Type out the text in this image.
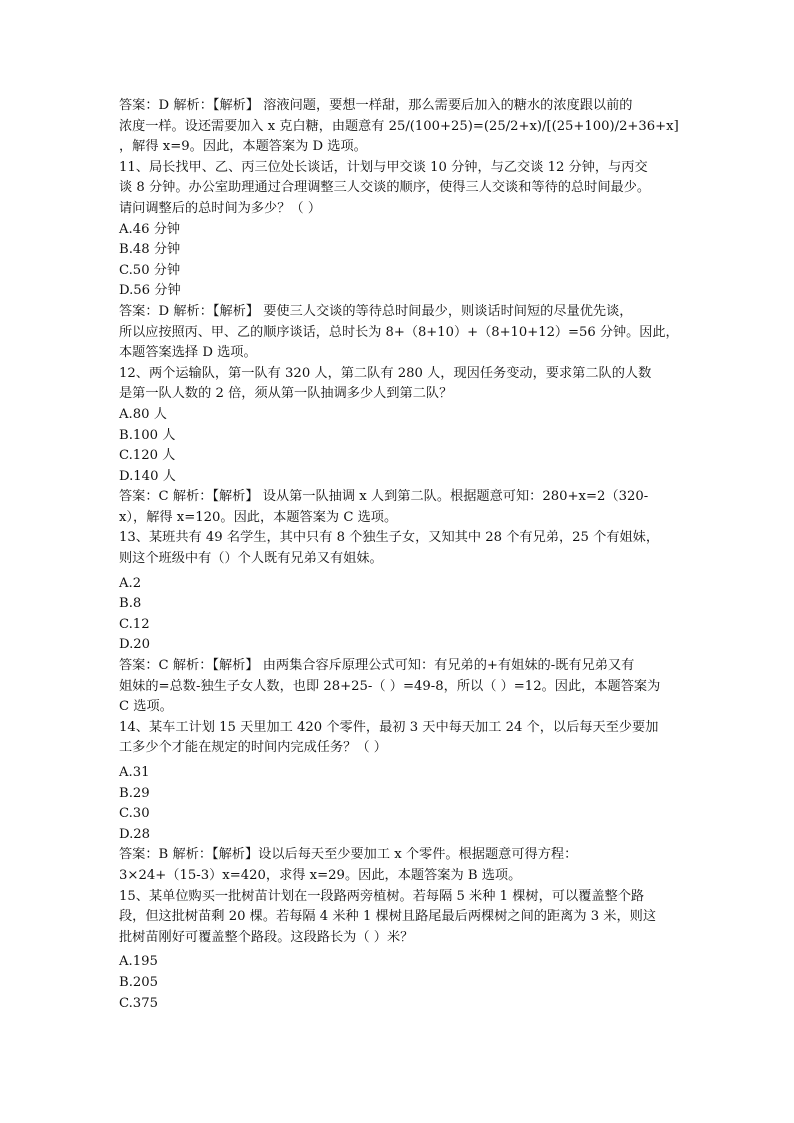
答案：D 解析：【解析】 溶液问题，要想一样甜，那么需要后加入的糖水的浓度跟以前的
浓度一样。设还需要加入 x 克白糖，由题意有 25/(100+25)=(25/2+x)/[(25+100)/2+36+x]
，解得 x=9。因此，本题答案为 D 选项。
11、局长找甲、乙、丙三位处长谈话，计划与甲交谈 10 分钟，与乙交谈 12 分钟，与丙交
谈 8 分钟。办公室助理通过合理调整三人交谈的顺序，使得三人交谈和等待的总时间最少。
请问调整后的总时间为多少？（ ）
A.46 分钟
B.48 分钟
C.50 分钟
D.56 分钟
答案：D 解析：【解析】 要使三人交谈的等待总时间最少，则谈话时间短的尽量优先谈，
所以应按照丙、甲、乙的顺序谈话，总时长为 8+（8+10）+（8+10+12）=56 分钟。因此，
本题答案选择 D 选项。
12、两个运输队，第一队有 320 人，第二队有 280 人，现因任务变动，要求第二队的人数
是第一队人数的 2 倍，须从第一队抽调多少人到第二队？
A.80 人
B.100 人
C.120 人
D.140 人
答案：C 解析：【解析】 设从第一队抽调 x 人到第二队。根据题意可知：280+x=2（320-
x），解得 x=120。因此，本题答案为 C 选项。
13、某班共有 49 名学生，其中只有 8 个独生子女，又知其中 28 个有兄弟，25 个有姐妹，
则这个班级中有（）个人既有兄弟又有姐妹。
A.2
B.8
C.12
D.20
答案：C 解析：【解析】 由两集合容斥原理公式可知：有兄弟的+有姐妹的-既有兄弟又有
姐妹的=总数-独生子女人数，也即 28+25-（ ）=49-8，所以（ ）=12。因此，本题答案为
C 选项。
14、某车工计划 15 天里加工 420 个零件，最初 3 天中每天加工 24 个，以后每天至少要加
工多少个才能在规定的时间内完成任务？（ ）
A.31
B.29
C.30
D.28
答案：B 解析：【解析】设以后每天至少要加工 x 个零件。根据题意可得方程：
3×24+（15-3）x=420，求得 x=29。因此，本题答案为 B 选项。
15、某单位购买一批树苗计划在一段路两旁植树。若每隔 5 米种 1 棵树，可以覆盖整个路
段，但这批树苗剩 20 棵。若每隔 4 米种 1 棵树且路尾最后两棵树之间的距离为 3 米，则这
批树苗刚好可覆盖整个路段。这段路长为（ ）米？
A.195
B.205
C.375
